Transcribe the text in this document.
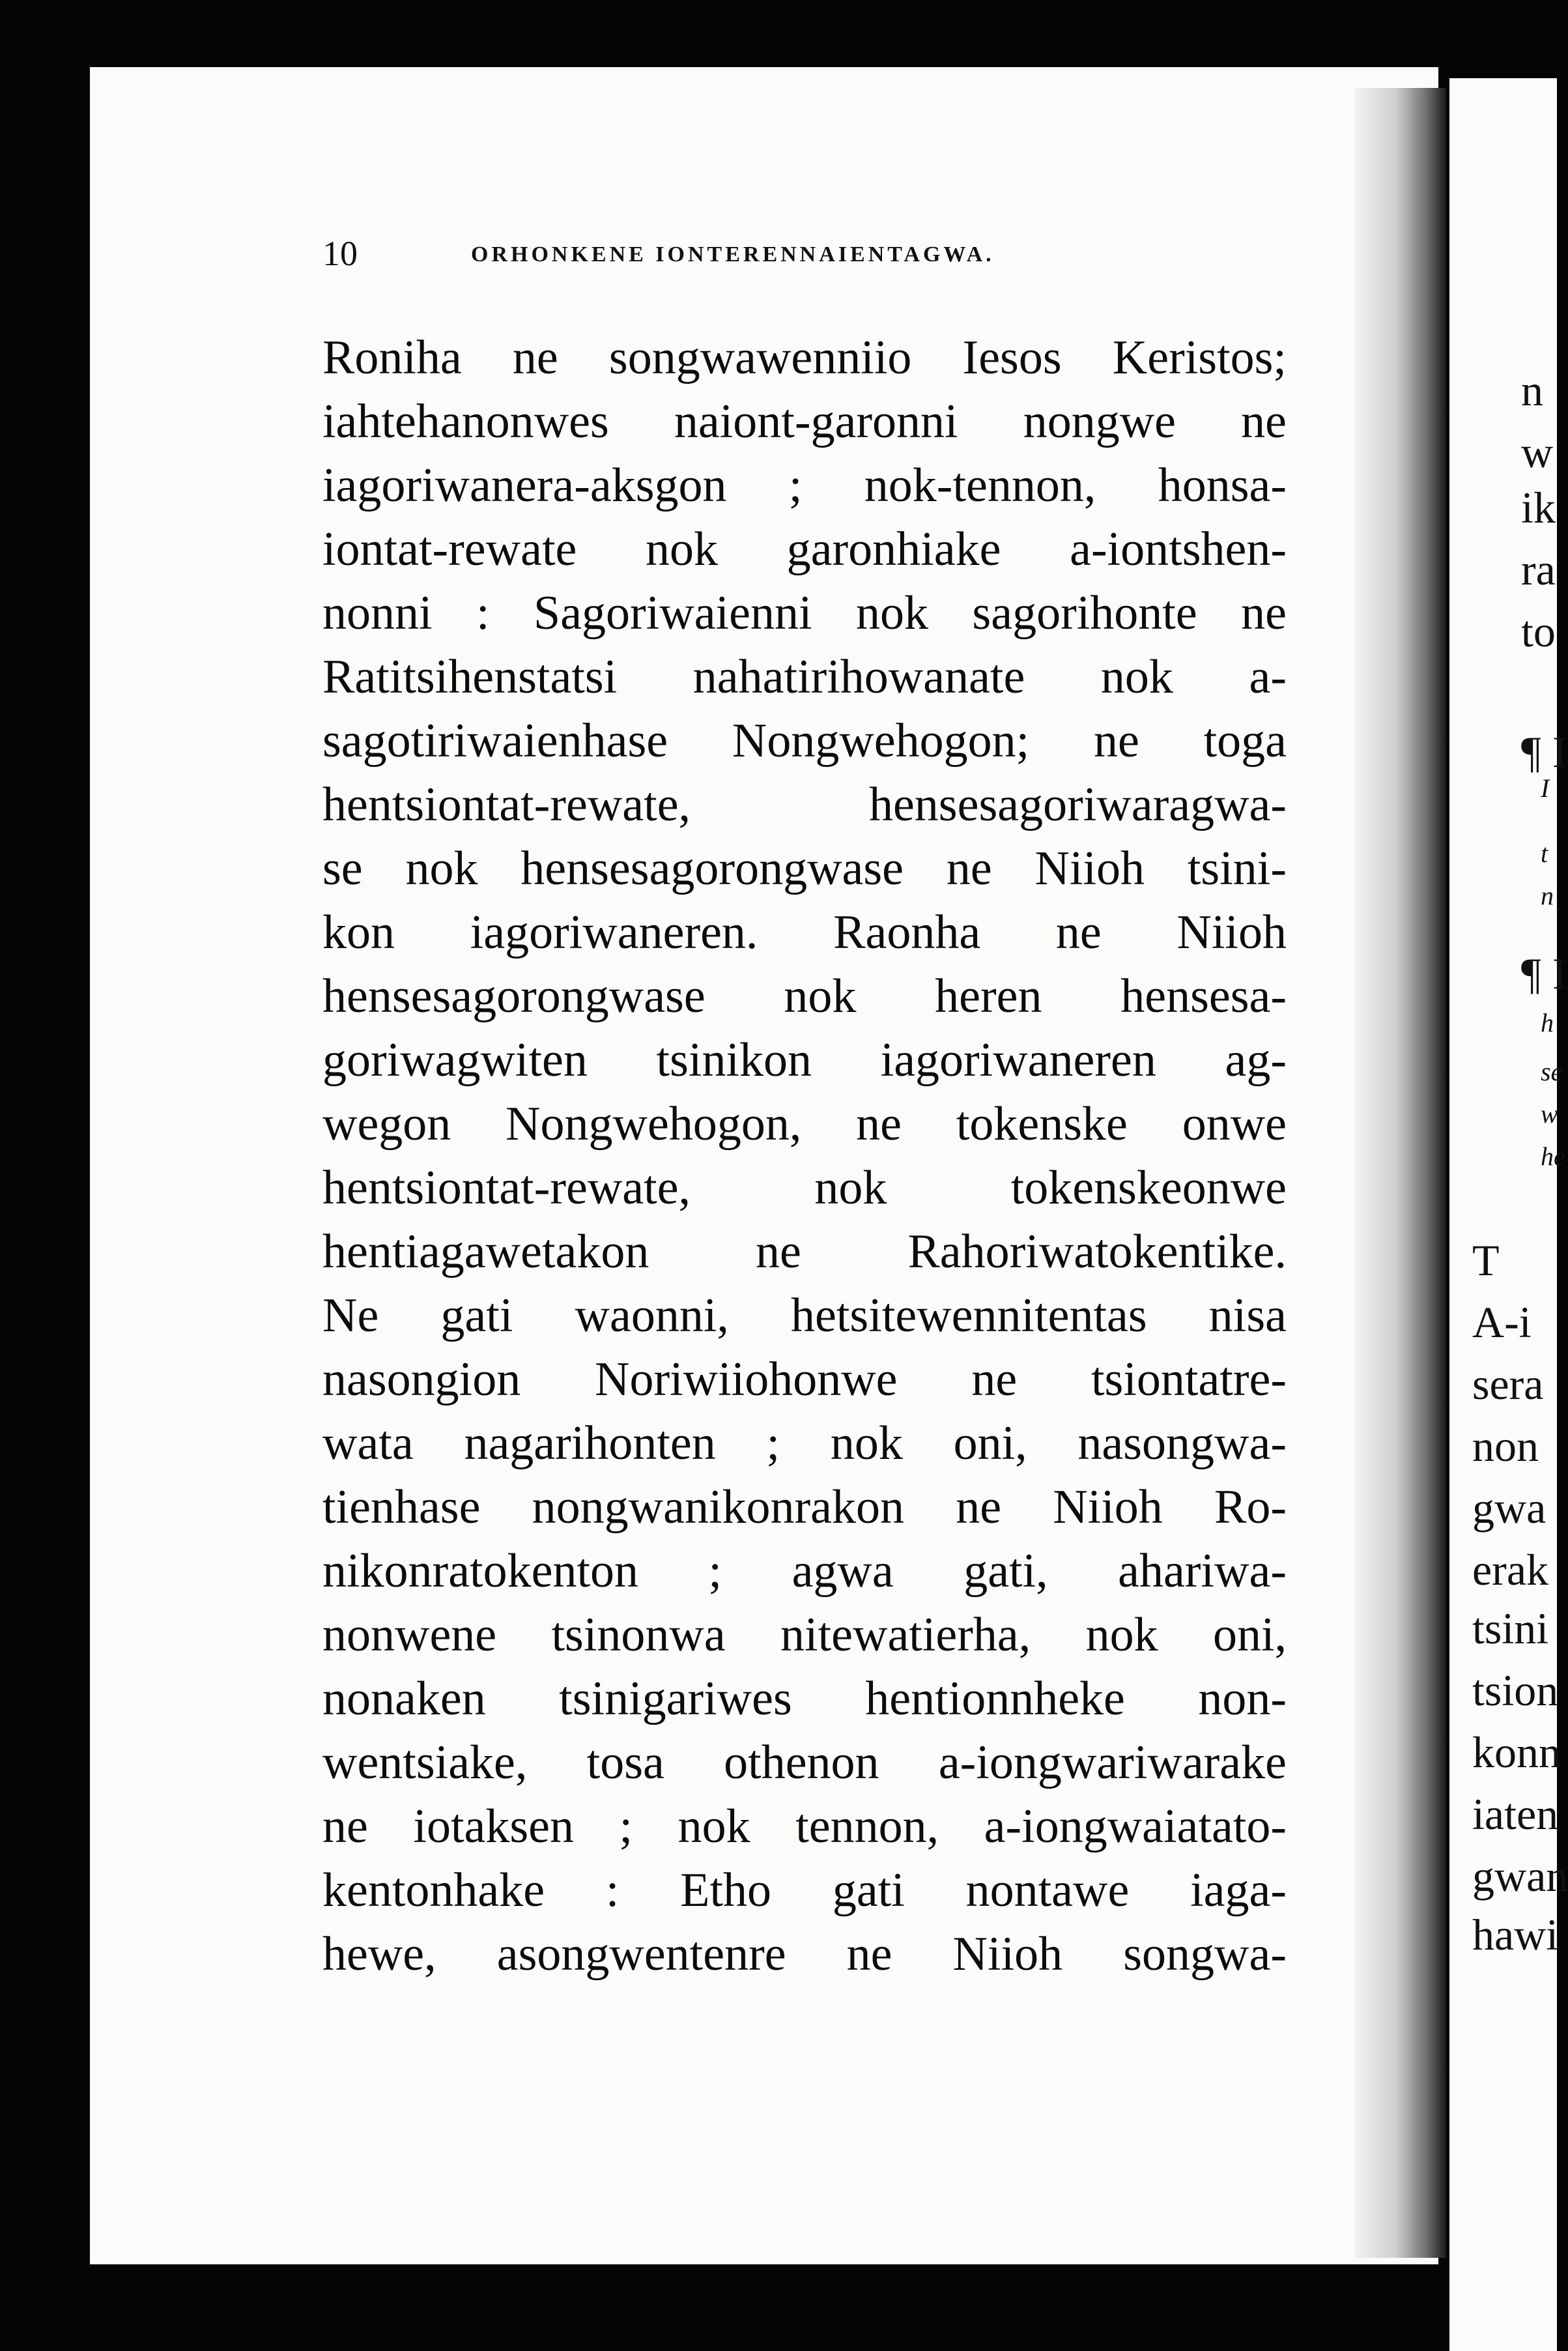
n
w
ik
ra
to
¶ I
I
t
n
¶ I
h
se
w
he
T
A-i
sera
non
gwa
erak
tsini
tsion
konn
iaten
gwan
hawi
10	ORHONKENE IONTERENNAIENTAGWA.
Roniha ne songwawenniio Iesos Keristos;
iahtehanonwes naiont-garonni nongwe ne
iagoriwanera-aksgon ; nok-tennon, honsa-
iontat-rewate nok garonhiake a-iontshen-
nonni : Sagoriwaienni nok sagorihonte ne
Ratitsihenstatsi nahatirihowanate nok a-
sagotiriwaienhase Nongwehogon; ne toga
hentsiontat-rewate, hensesagoriwaragwa-
se nok hensesagorongwase ne Niioh tsini-
kon iagoriwaneren. Raonha ne Niioh
hensesagorongwase nok heren hensesa-
goriwagwiten tsinikon iagoriwaneren ag-
wegon Nongwehogon, ne tokenske onwe
hentsiontat-rewate, nok tokenskeonwe
hentiagawetakon ne Rahoriwatokentike.
Ne gati waonni, hetsitewennitentas nisa
nasongion Noriwiiohonwe ne tsiontatre-
wata nagarihonten ; nok oni, nasongwa-
tienhase nongwanikonrakon ne Niioh Ro-
nikonratokenton ; agwa gati, ahariwa-
nonwene tsinonwa nitewatierha, nok oni,
nonaken tsinigariwes hentionnheke non-
wentsiake, tosa othenon a-iongwariwarake
ne iotaksen ; nok tennon, a-iongwaiatato-
kentonhake : Etho gati nontawe iaga-
hewe, asongwentenre ne Niioh songwa-
